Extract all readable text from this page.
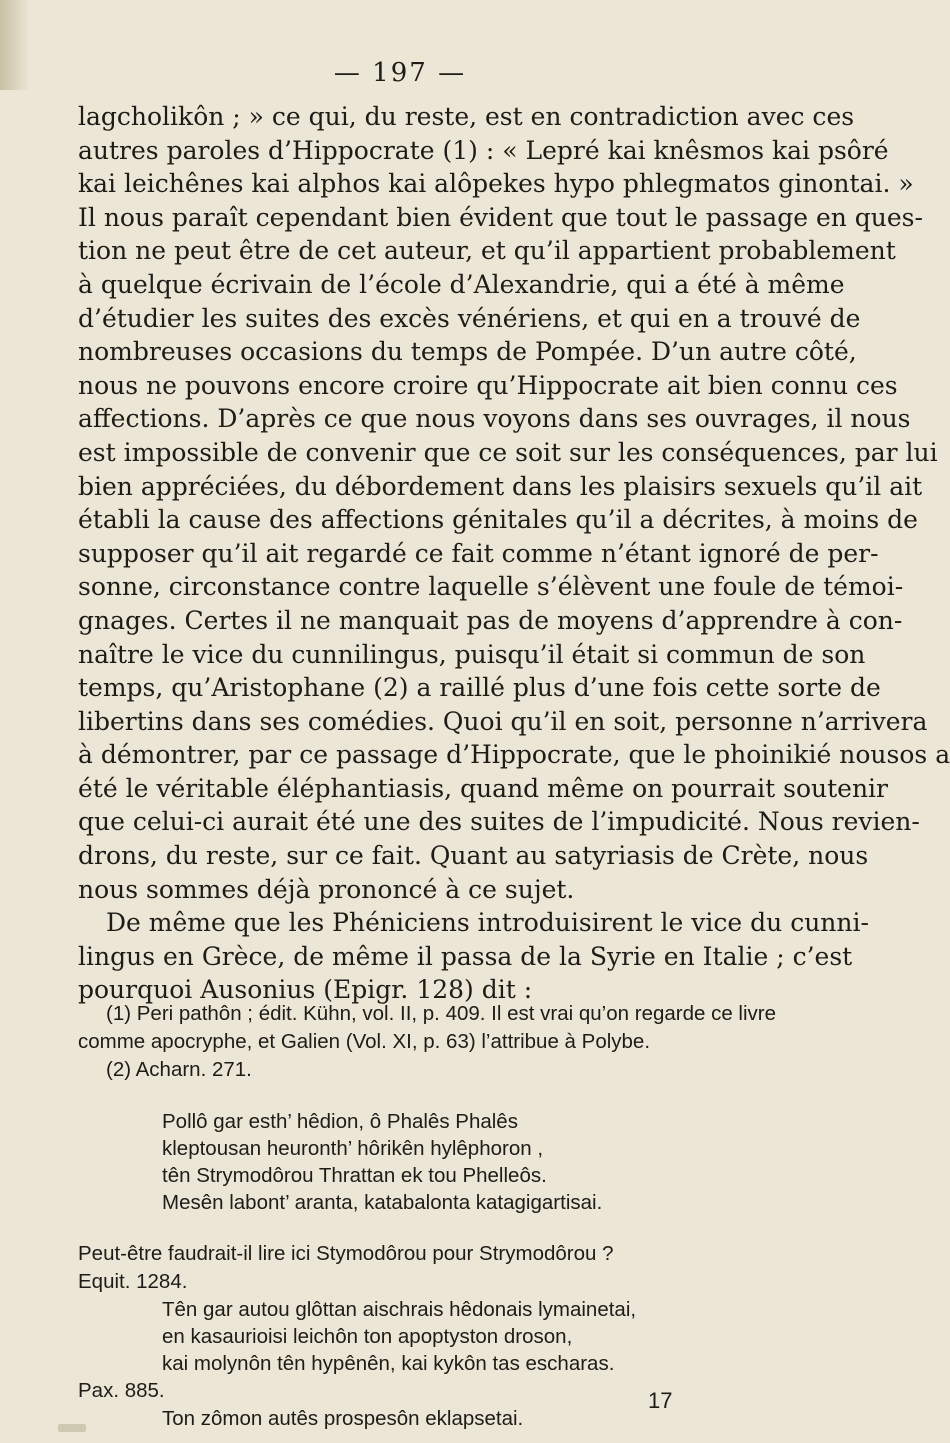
— 197 —
lagcholikôn ; » ce qui, du reste, est en contradiction avec ces
autres paroles d’Hippocrate (1) : « Lepré kai knêsmos kai psôré
kai leichênes kai alphos kai alôpekes hypo phlegmatos ginontai. »
Il nous paraît cependant bien évident que tout le passage en ques-
tion ne peut être de cet auteur, et qu’il appartient probablement
à quelque écrivain de l’école d’Alexandrie, qui a été à même
d’étudier les suites des excès vénériens, et qui en a trouvé de
nombreuses occasions du temps de Pompée. D’un autre côté,
nous ne pouvons encore croire qu’Hippocrate ait bien connu ces
affections. D’après ce que nous voyons dans ses ouvrages, il nous
est impossible de convenir que ce soit sur les conséquences, par lui
bien appréciées, du débordement dans les plaisirs sexuels qu’il ait
établi la cause des affections génitales qu’il a décrites, à moins de
supposer qu’il ait regardé ce fait comme n’étant ignoré de per-
sonne, circonstance contre laquelle s’élèvent une foule de témoi-
gnages. Certes il ne manquait pas de moyens d’apprendre à con-
naître le vice du cunnilingus, puisqu’il était si commun de son
temps, qu’Aristophane (2) a raillé plus d’une fois cette sorte de
libertins dans ses comédies. Quoi qu’il en soit, personne n’arrivera
à démontrer, par ce passage d’Hippocrate, que le phoinikié nousos a
été le véritable éléphantiasis, quand même on pourrait soutenir
que celui-ci aurait été une des suites de l’impudicité. Nous revien-
drons, du reste, sur ce fait. Quant au satyriasis de Crète, nous
nous sommes déjà prononcé à ce sujet.
De même que les Phéniciens introduisirent le vice du cunni-
lingus en Grèce, de même il passa de la Syrie en Italie ; c’est
pourquoi Ausonius (Epigr. 128) dit :
(1) Peri pathôn ; édit. Kühn, vol. II, p. 409. Il est vrai qu’on regarde ce livre
comme apocryphe, et Galien (Vol. XI, p. 63) l’attribue à Polybe.
(2) Acharn. 271.
Pollô gar esth’ hêdion, ô Phalês Phalês
kleptousan heuronth’ hôrikên hylêphoron ,
tên Strymodôrou Thrattan ek tou Phelleôs.
Mesên labont’ aranta, katabalonta katagigartisai.
Peut-être faudrait-il lire ici Stymodôrou pour Strymodôrou ?
Equit. 1284.
Tên gar autou glôttan aischrais hêdonais lymainetai,
en kasaurioisi leichôn ton apoptyston droson,
kai molynôn tên hypênên, kai kykôn tas escharas.
Pax. 885.
Ton zômon autês prospesôn eklapsetai.
17
